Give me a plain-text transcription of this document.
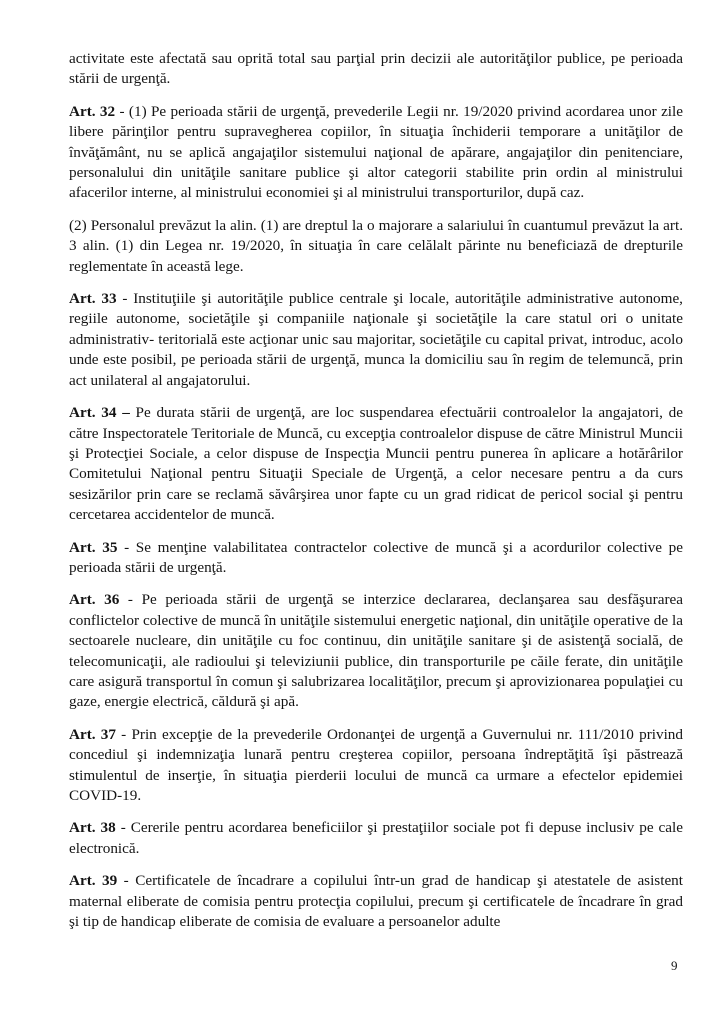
activitate este afectată sau oprită total sau parţial prin decizii ale autorităţilor publice, pe perioada stării de urgenţă.

Art. 32 - (1) Pe perioada stării de urgenţă, prevederile Legii nr. 19/2020 privind acordarea unor zile libere părinţilor pentru supravegherea copiilor, în situaţia închiderii temporare a unităţilor de învăţământ, nu se aplică angajaţilor sistemului naţional de apărare, angajaţilor din penitenciare, personalului din unităţile sanitare publice şi altor categorii stabilite prin ordin al ministrului afacerilor interne, al ministrului economiei şi al ministrului transporturilor, după caz.

(2) Personalul prevăzut la alin. (1) are dreptul la o majorare a salariului în cuantumul prevăzut la art. 3 alin. (1) din Legea nr. 19/2020, în situaţia în care celălalt părinte nu beneficiază de drepturile reglementate în această lege.

Art. 33 - Instituţiile şi autorităţile publice centrale şi locale, autorităţile administrative autonome, regiile autonome, societăţile şi companiile naţionale şi societăţile la care statul ori o unitate administrativ- teritorială este acţionar unic sau majoritar, societăţile cu capital privat, introduc, acolo unde este posibil, pe perioada stării de urgenţă, munca la domiciliu sau în regim de telemuncă, prin act unilateral al angajatorului.

Art. 34 – Pe durata stării de urgenţă, are loc suspendarea efectuării controalelor la angajatori, de către Inspectoratele Teritoriale de Muncă, cu excepţia controalelor dispuse de către Ministrul Muncii şi Protecţiei Sociale, a celor dispuse de Inspecţia Muncii pentru punerea în aplicare a hotărârilor Comitetului Naţional pentru Situaţii Speciale de Urgenţă, a celor necesare pentru a da curs sesizărilor prin care se reclamă săvârşirea unor fapte cu un grad ridicat de pericol social şi pentru cercetarea accidentelor de muncă.

Art. 35 - Se menţine valabilitatea contractelor colective de muncă şi a acordurilor colective pe perioada stării de urgenţă.

Art. 36 - Pe perioada stării de urgenţă se interzice declararea, declanşarea sau desfăşurarea conflictelor colective de muncă în unităţile sistemului energetic naţional, din unităţile operative de la sectoarele nucleare, din unităţile cu foc continuu, din unităţile sanitare şi de asistenţă socială, de telecomunicaţii, ale radioului şi televiziunii publice, din transporturile pe căile ferate, din unităţile care asigură transportul în comun şi salubrizarea localităţilor, precum şi aprovizionarea populaţiei cu gaze, energie electrică, căldură şi apă.

Art. 37 - Prin excepţie de la prevederile Ordonanţei de urgenţă a Guvernului nr. 111/2010 privind concediul şi indemnizaţia lunară pentru creşterea copiilor, persoana îndreptăţită îşi păstrează stimulentul de inserţie, în situaţia pierderii locului de muncă ca urmare a efectelor epidemiei COVID-19.

Art. 38 - Cererile pentru acordarea beneficiilor şi prestaţiilor sociale pot fi depuse inclusiv pe cale electronică.

Art. 39 - Certificatele de încadrare a copilului într-un grad de handicap şi atestatele de asistent maternal eliberate de comisia pentru protecţia copilului, precum şi certificatele de încadrare în grad şi tip de handicap eliberate de comisia de evaluare a persoanelor adulte

9
